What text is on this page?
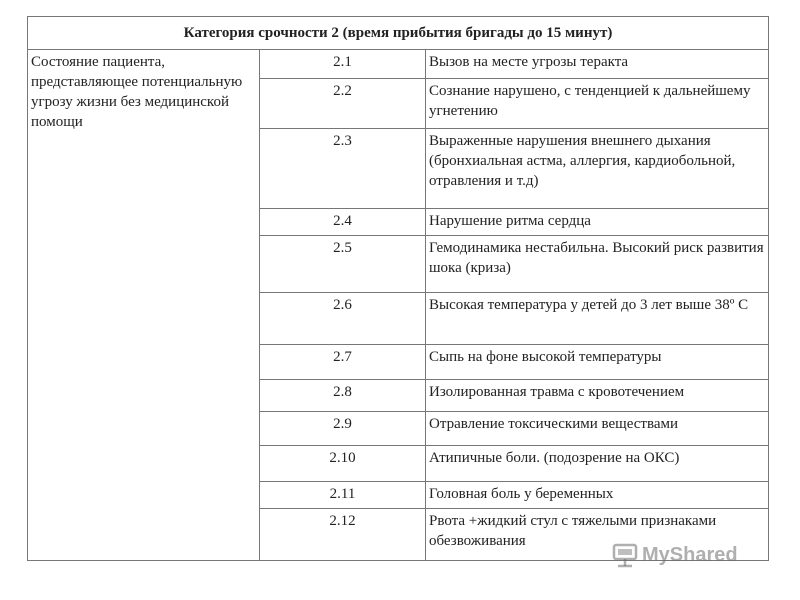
Категория срочности 2 (время прибытия бригады до 15 минут)		
Состояние пациента, представляющее потенциальную угрозу жизни без медицинской помощи	2.1	Вызов на месте угрозы теракта
	2.2	Сознание нарушено, с тенденцией к дальнейшему угнетению
	2.3	Выраженные нарушения внешнего дыхания (бронхиальная астма, аллергия, кардиобольной, отравления и т.д)
	2.4	Нарушение ритма сердца
	2.5	Гемодинамика нестабильна. Высокий риск развития шока (криза)
	2.6	Высокая температура у детей до 3 лет выше 38º С
	2.7	Сыпь на фоне высокой температуры
	2.8	Изолированная травма с кровотечением
	2.9	Отравление токсическими веществами
	2.10	Атипичные боли. (подозрение на ОКС)
	2.11	Головная боль у беременных
	2.12	Рвота +жидкий стул с тяжелыми признаками обезвоживания
MyShared
